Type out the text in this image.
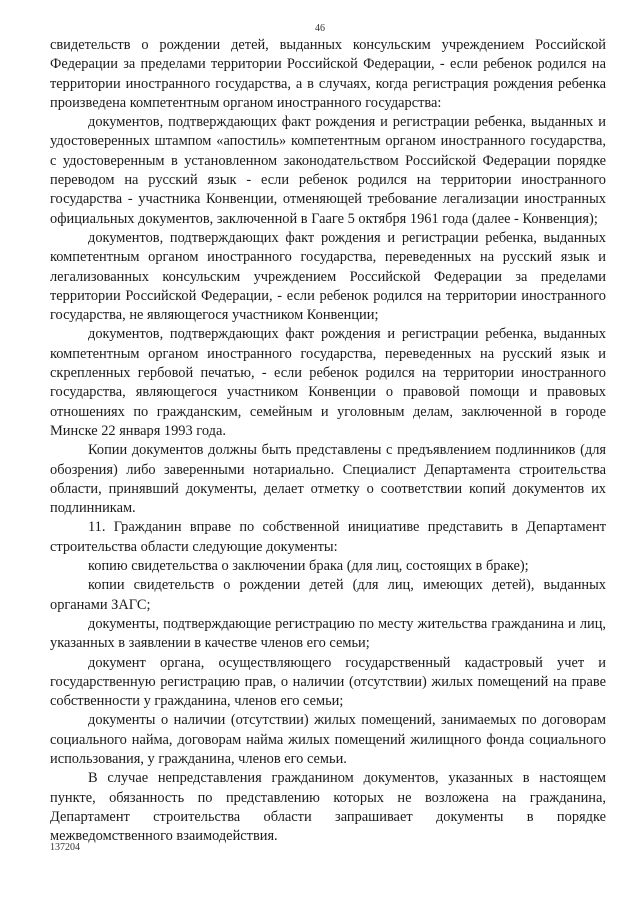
46

свидетельств о рождении детей, выданных консульским учреждением Российской Федерации за пределами территории Российской Федерации, - если ребенок родился на территории иностранного государства, а в случаях, когда регистрация рождения ребенка произведена компетентным органом иностранного государства:

документов, подтверждающих факт рождения и регистрации ребенка, выданных и удостоверенных штампом «апостиль» компетентным органом иностранного государства, с удостоверенным в установленном законодательством Российской Федерации порядке переводом на русский язык - если ребенок родился на территории иностранного государства - участника Конвенции, отменяющей требование легализации иностранных официальных документов, заключенной в Гааге 5 октября 1961 года (далее - Конвенция);

документов, подтверждающих факт рождения и регистрации ребенка, выданных компетентным органом иностранного государства, переведенных на русский язык и легализованных консульским учреждением Российской Федерации за пределами территории Российской Федерации, - если ребенок родился на территории иностранного государства, не являющегося участником Конвенции;

документов, подтверждающих факт рождения и регистрации ребенка, выданных компетентным органом иностранного государства, переведенных на русский язык и скрепленных гербовой печатью, - если ребенок родился на территории иностранного государства, являющегося участником Конвенции о правовой помощи и правовых отношениях по гражданским, семейным и уголовным делам, заключенной в городе Минске 22 января 1993 года.

Копии документов должны быть представлены с предъявлением подлинников (для обозрения) либо заверенными нотариально. Специалист Департамента строительства области, принявший документы, делает отметку о соответствии копий документов их подлинникам.

11. Гражданин вправе по собственной инициативе представить в Департамент строительства области следующие документы:

копию свидетельства о заключении брака (для лиц, состоящих в браке);

копии свидетельств о рождении детей (для лиц, имеющих детей), выданных органами ЗАГС;

документы, подтверждающие регистрацию по месту жительства гражданина и лиц, указанных в заявлении в качестве членов его семьи;

документ органа, осуществляющего государственный кадастровый учет и государственную регистрацию прав, о наличии (отсутствии) жилых помещений на праве собственности у гражданина, членов его семьи;

документы о наличии (отсутствии) жилых помещений, занимаемых по договорам социального найма, договорам найма жилых помещений жилищного фонда социального использования, у гражданина, членов его семьи.

В случае непредставления гражданином документов, указанных в настоящем пункте, обязанность по представлению которых не возложена на гражданина, Департамент строительства области запрашивает документы в порядке межведомственного взаимодействия.

137204
